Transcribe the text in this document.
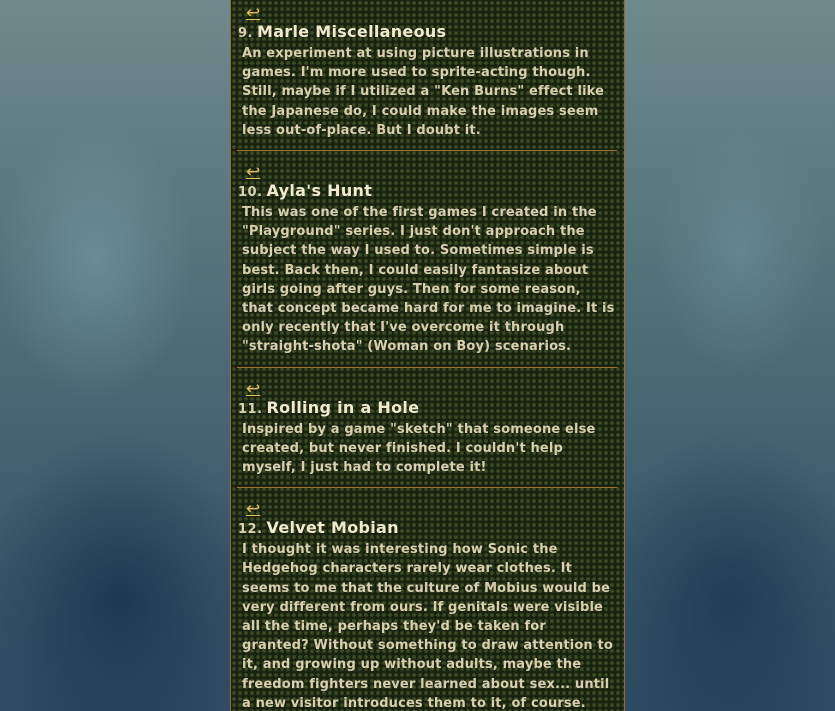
↩
9. Marle Miscellaneous
An experiment at using picture illustrations in games. I'm more used to sprite-acting though. Still, maybe if I utilized a "Ken Burns" effect like the Japanese do, I could make the images seem less out-of-place. But I doubt it.
↩
10. Ayla's Hunt
This was one of the first games I created in the "Playground" series. I just don't approach the subject the way I used to. Sometimes simple is best. Back then, I could easily fantasize about girls going after guys. Then for some reason, that concept became hard for me to imagine. It is only recently that I've overcome it through "straight-shota" (Woman on Boy) scenarios.
↩
11. Rolling in a Hole
Inspired by a game "sketch" that someone else created, but never finished. I couldn't help myself, I just had to complete it!
↩
12. Velvet Mobian
I thought it was interesting how Sonic the Hedgehog characters rarely wear clothes. It seems to me that the culture of Mobius would be very different from ours. If genitals were visible all the time, perhaps they'd be taken for granted? Without something to draw attention to it, and growing up without adults, maybe the freedom fighters never learned about sex... until a new visitor introduces them to it, of course.
